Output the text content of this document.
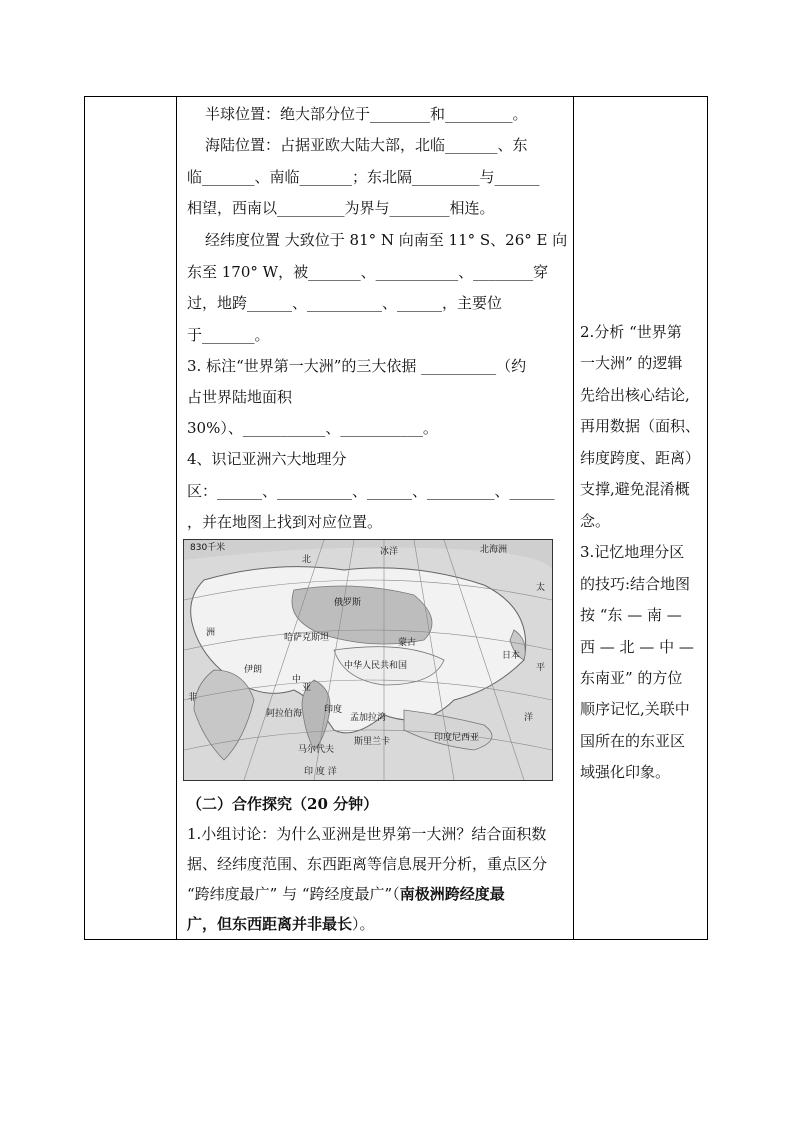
半球位置：绝大部分位于________和_________。
海陆位置：占据亚欧大陆大部，北临_______、东
临_______、南临_______；东北隔_________与______
相望，西南以_________为界与________相连。
经纬度位置 大致位于 81° N 向南至 11° S、26° E 向
东至 170° W，被_______、___________、________穿
过，地跨______、__________、______，主要位
于_______。
3. 标注“世界第一大洲”的三大依据 __________（约
占世界陆地面积
30%）、___________、___________。
4、识记亚洲六大地理分
区：______、__________、______、_________、______
，并在地图上找到对应位置。
830千米
北
冰洋	北海洲
俄罗斯
洲	哈萨克斯坦	蒙古
中华人民共和国
日本
伊朗
印度
阿拉伯海	孟加拉湾
印度尼西亚
太
平
洋
非
马尔代夫
印 度 洋
斯里兰卡
中
亚
（二）合作探究（20 分钟）
1.小组讨论：为什么亚洲是世界第一大洲？结合面积数
据、经纬度范围、东西距离等信息展开分析，重点区分
“跨纬度最广” 与 “跨经度最广”（南极洲跨经度最
广，但东西距离并非最长）。
2.分析 “世界第
一大洲” 的逻辑
先给出核心结论,
再用数据（面积、
纬度跨度、距离）
支撑,避免混淆概
念。
3.记忆地理分区
的技巧:结合地图
按 “东 — 南 —
西 — 北 — 中 —
东南亚” 的方位
顺序记忆,关联中
国所在的东亚区
域强化印象。
